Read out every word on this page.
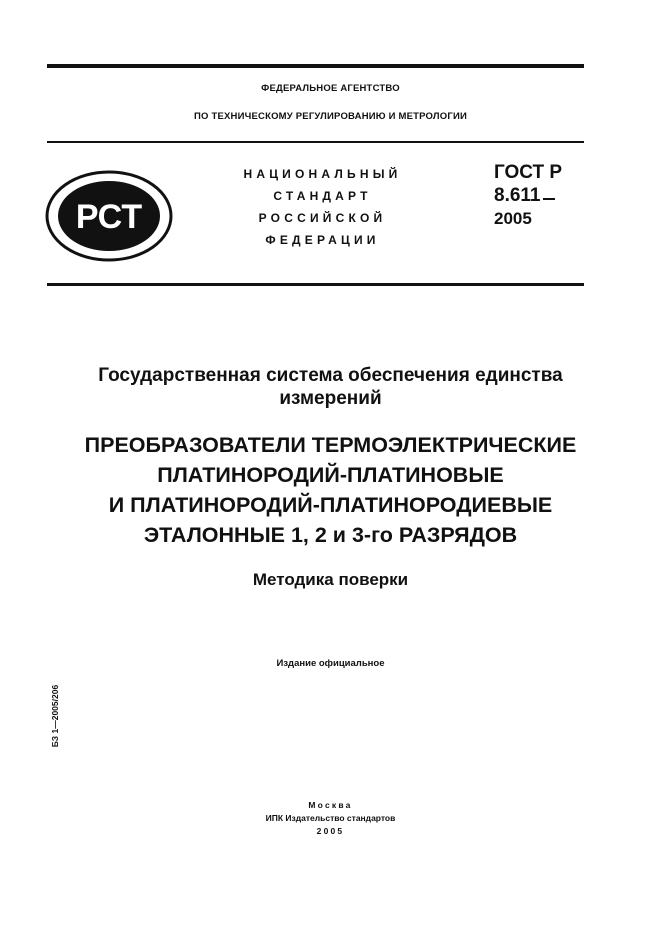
ФЕДЕРАЛЬНОЕ АГЕНТСТВО
ПО ТЕХНИЧЕСКОМУ РЕГУЛИРОВАНИЮ И МЕТРОЛОГИИ
РСТ
НАЦИОНАЛЬНЫЙ
СТАНДАРТ
РОССИЙСКОЙ
ФЕДЕРАЦИИ
ГОСТ Р
8.611
2005
Государственная система обеспечения единства
измерений
ПРЕОБРАЗОВАТЕЛИ ТЕРМОЭЛЕКТРИЧЕСКИЕ
ПЛАТИНОРОДИЙ-ПЛАТИНОВЫЕ
И ПЛАТИНОРОДИЙ-ПЛАТИНОРОДИЕВЫЕ
ЭТАЛОННЫЕ 1, 2 и 3-го РАЗРЯДОВ
Методика поверки
Издание официальное
БЗ 1—2005/206
Москва
ИПК Издательство стандартов
2005
